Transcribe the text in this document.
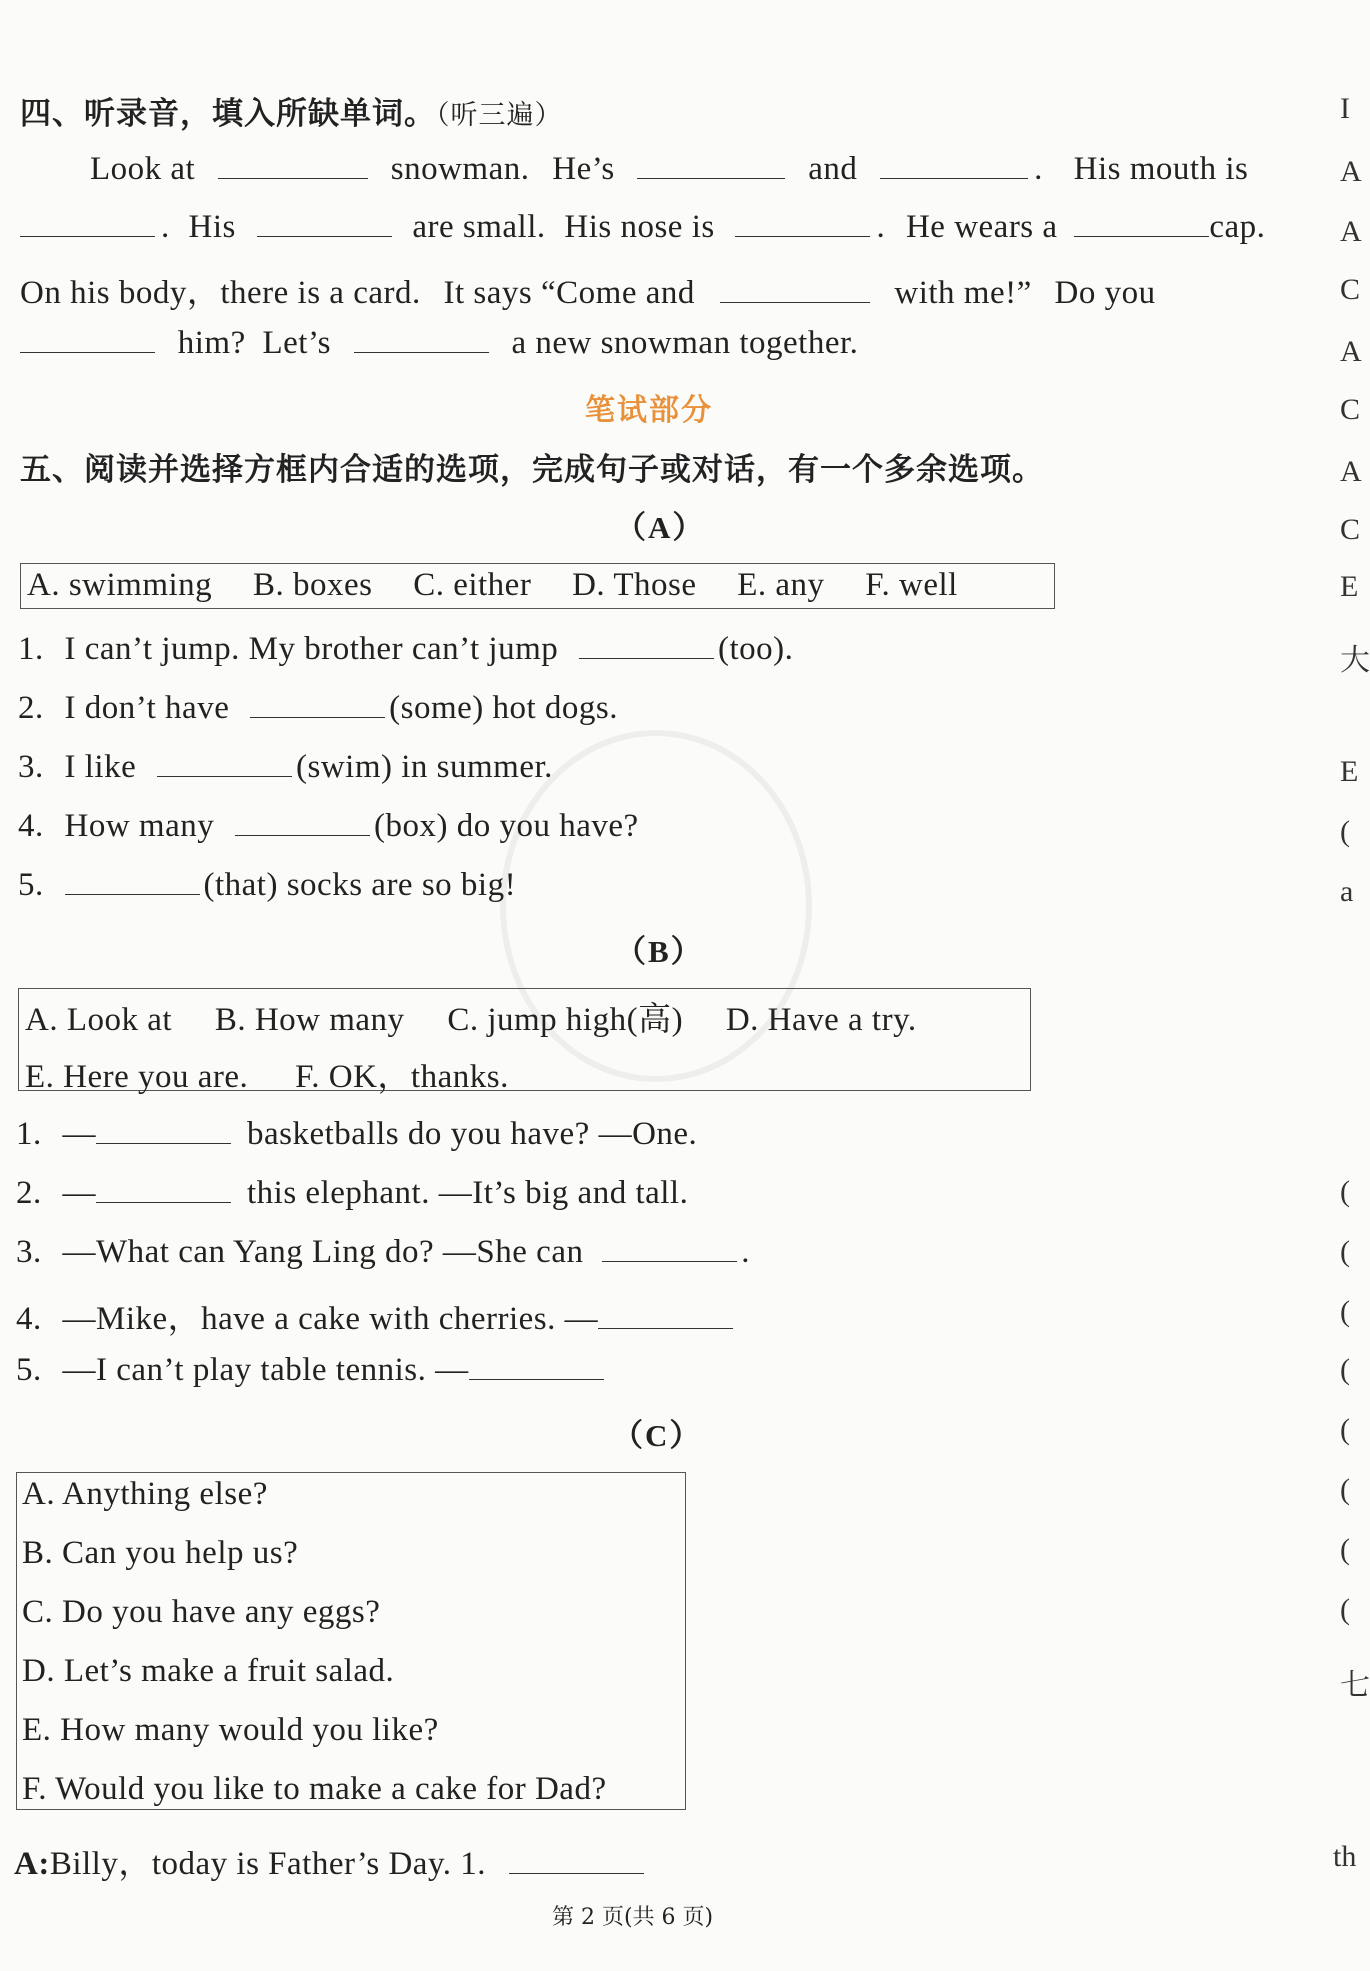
四、听录音，填入所缺单词。（听三遍）
Look at	snowman. He’s	and	. His mouth is
. His	are small. His nose is	. He wears a	cap.
On his body，there is a card. It says “Come and	with me!” Do you
him? Let’s	a new snowman together.
笔试部分
五、阅读并选择方框内合适的选项，完成句子或对话，有一个多余选项。
（A）
A. swimming B. boxes C. either D. Those E. any F. well
1. I can’t jump. My brother can’t jump	(too).
2. I don’t have	(some) hot dogs.
3. I like	(swim) in summer.
4. How many	(box) do you have?
5.	(that) socks are so big!
（B）
A. Look at B. How many C. jump high(高) D. Have a try.
E. Here you are. F. OK，thanks.
1. —	basketballs do you have? —One.
2. —	this elephant. —It’s big and tall.
3. —What can Yang Ling do? —She can	.
4. —Mike，have a cake with cherries. —
5. —I can’t play table tennis. —
（C）
A. Anything else?
B. Can you help us?
C. Do you have any eggs?
D. Let’s make a fruit salad.
E. How many would you like?
F. Would you like to make a cake for Dad?
A:Billy，today is Father’s Day. 1.
第 2 页(共 6 页)
I
A
A
C
A
C
A
C
E
大
E
(
a
(
(
(
(
(
(
(
(
七
th
